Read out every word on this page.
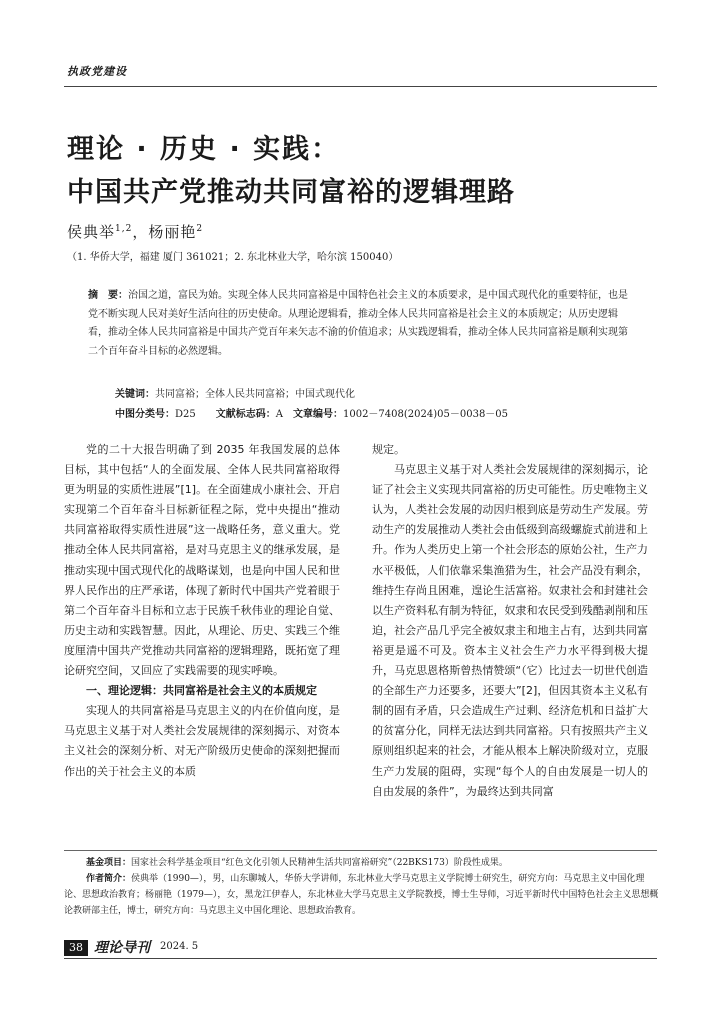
执政党建设
理论 · 历史 · 实践：
中国共产党推动共同富裕的逻辑理路
侯典举$^{1,2}$，杨丽艳$^2$
（1. 华侨大学，福建 厦门 361021；2. 东北林业大学，哈尔滨 150040）
摘　要：治国之道，富民为始。实现全体人民共同富裕是中国特色社会主义的本质要求，是中国式现代化的重要特征，也是党不断实现人民对美好生活向往的历史使命。从理论逻辑看，推动全体人民共同富裕是社会主义的本质规定；从历史逻辑看，推动全体人民共同富裕是中国共产党百年来矢志不渝的价值追求；从实践逻辑看，推动全体人民共同富裕是顺利实现第二个百年奋斗目标的必然逻辑。
关键词：共同富裕；全体人民共同富裕；中国式现代化
中图分类号：D25   文献标志码：A  文章编号：1002－7408(2024)05－0038－05

党的二十大报告明确了到 2035 年我国发展的总体目标，其中包括“人的全面发展、全体人民共同富裕取得更为明显的实质性进展”[1]。在全面建成小康社会、开启实现第二个百年奋斗目标新征程之际，党中央提出“推动共同富裕取得实质性进展”这一战略任务，意义重大。党推动全体人民共同富裕，是对马克思主义的继承发展，是推动实现中国式现代化的战略谋划，也是向中国人民和世界人民作出的庄严承诺，体现了新时代中国共产党着眼于第二个百年奋斗目标和立志于民族千秋伟业的理论自觉、历史主动和实践智慧。因此，从理论、历史、实践三个维度厘清中国共产党推动共同富裕的逻辑理路，既拓宽了理论研究空间，又回应了实践需要的现实呼唤。

一、理论逻辑：共同富裕是社会主义的本质规定

实现人的共同富裕是马克思主义的内在价值向度，是马克思主义基于对人类社会发展规律的深刻揭示、对资本主义社会的深刻分析、对无产阶级历史使命的深刻把握而作出的关于社会主义的本质

规定。

马克思主义基于对人类社会发展规律的深刻揭示，论证了社会主义实现共同富裕的历史可能性。历史唯物主义认为，人类社会发展的动因归根到底是劳动生产发展。劳动生产的发展推动人类社会由低级到高级螺旋式前进和上升。作为人类历史上第一个社会形态的原始公社，生产力水平极低，人们依靠采集渔猎为生，社会产品没有剩余，维持生存尚且困难，遑论生活富裕。奴隶社会和封建社会以生产资料私有制为特征，奴隶和农民受到残酷剥削和压迫，社会产品几乎完全被奴隶主和地主占有，达到共同富裕更是遥不可及。资本主义社会生产力水平得到极大提升，马克思恩格斯曾热情赞颂“（它）比过去一切世代创造的全部生产力还要多，还要大”[2]，但因其资本主义私有制的固有矛盾，只会造成生产过剩、经济危机和日益扩大的贫富分化，同样无法达到共同富裕。只有按照共产主义原则组织起来的社会，才能从根本上解决阶级对立，克服生产力发展的阻碍，实现“每个人的自由发展是一切人的自由发展的条件”，为最终达到共同富

基金项目：国家社会科学基金项目“红色文化引领人民精神生活共同富裕研究”（22BKS173）阶段性成果。

作者简介：侯典举（1990—），男，山东聊城人，华侨大学讲师，东北林业大学马克思主义学院博士研究生，研究方向：马克思主义中国化理论、思想政治教育；杨丽艳（1979—），女，黑龙江伊春人，东北林业大学马克思主义学院教授，博士生导师，习近平新时代中国特色社会主义思想概论教研部主任，博士，研究方向：马克思主义中国化理论、思想政治教育。

38 理论导刊 2024. 5
